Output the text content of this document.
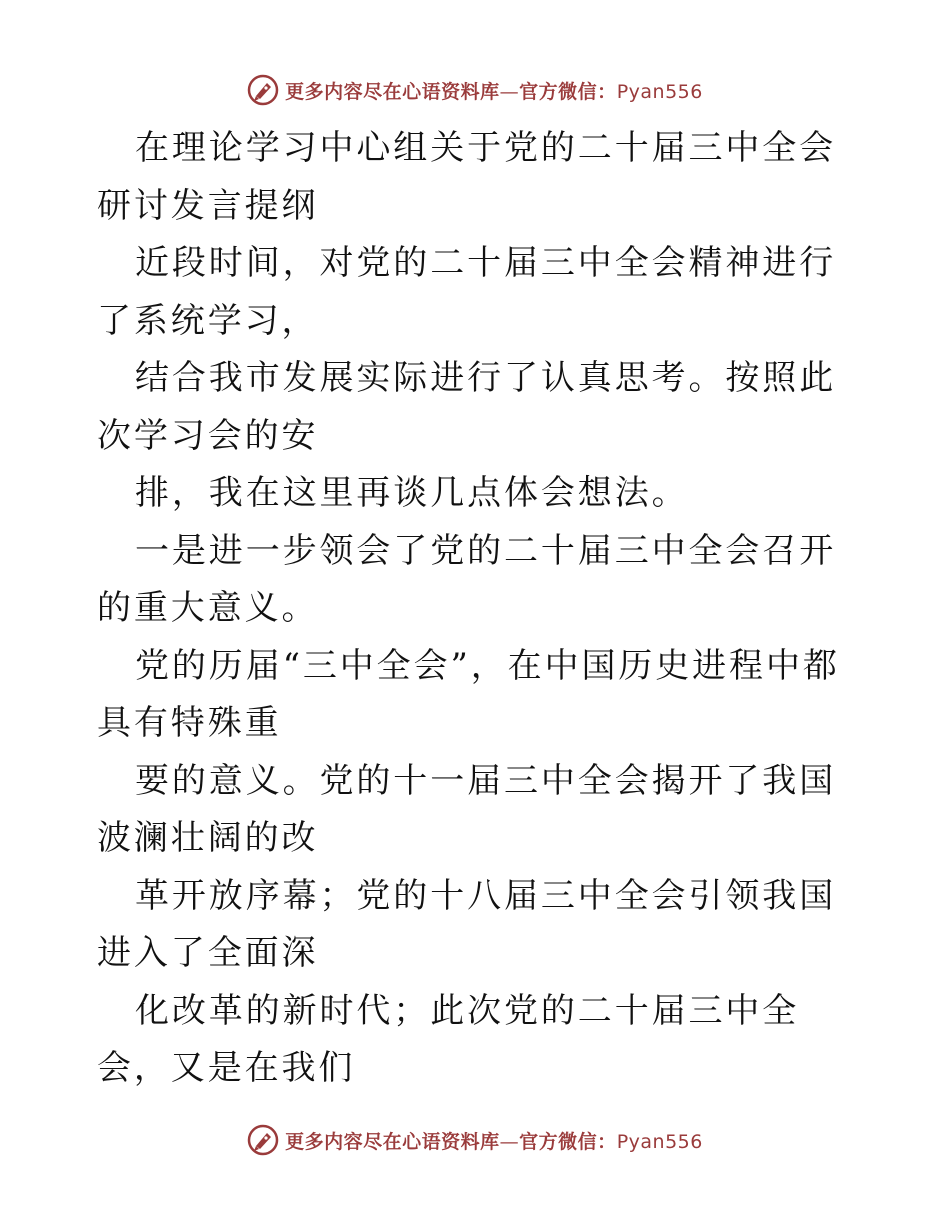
更多内容尽在心语资料库—官方微信：Pyan556

在理论学习中心组关于党的二十届三中全会研讨发言提纲

近段时间，对党的二十届三中全会精神进行了系统学习，

结合我市发展实际进行了认真思考。按照此次学习会的安

排，我在这里再谈几点体会想法。

一是进一步领会了党的二十届三中全会召开的重大意义。

党的历届“三中全会”，在中国历史进程中都具有特殊重

要的意义。党的十一届三中全会揭开了我国波澜壮阔的改

革开放序幕；党的十八届三中全会引领我国进入了全面深

化改革的新时代；此次党的二十届三中全会，又是在我们

更多内容尽在心语资料库—官方微信：Pyan556
